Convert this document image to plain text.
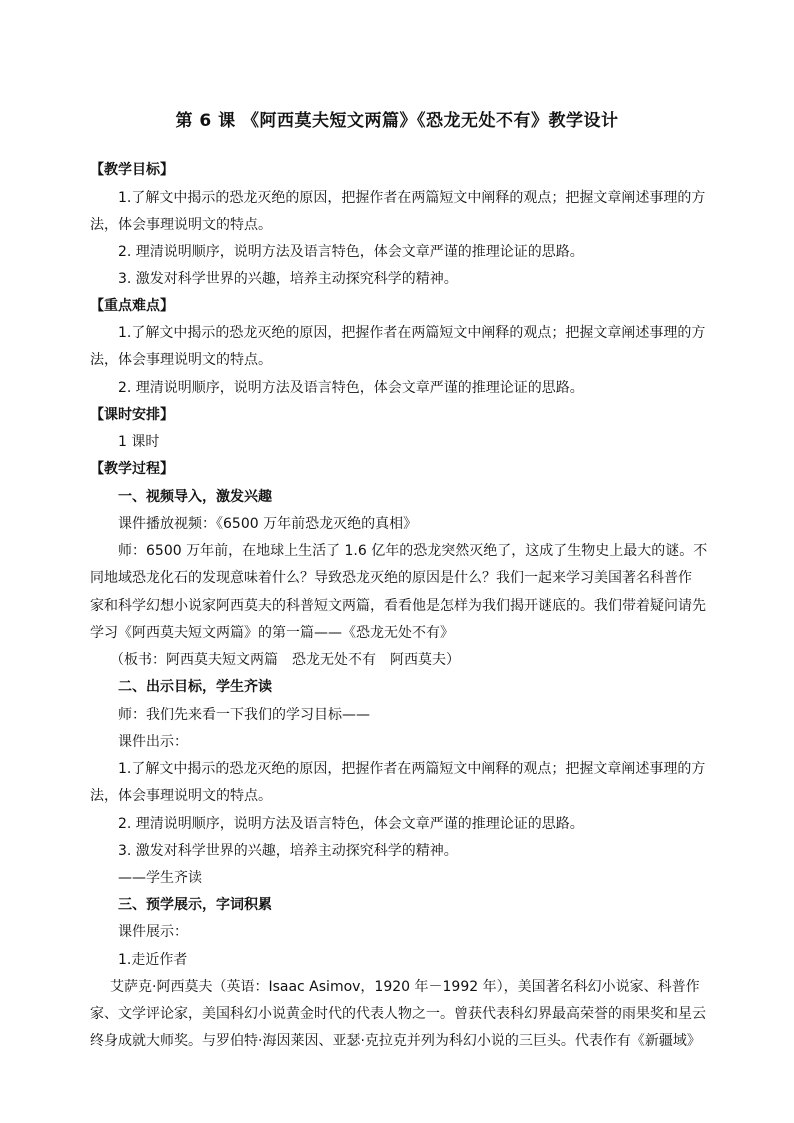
第 6 课 《阿西莫夫短文两篇》《恐龙无处不有》教学设计
【教学目标】
1.了解文中揭示的恐龙灭绝的原因，把握作者在两篇短文中阐释的观点；把握文章阐述事理的方
法，体会事理说明文的特点。
2. 理清说明顺序，说明方法及语言特色，体会文章严谨的推理论证的思路。
3. 激发对科学世界的兴趣，培养主动探究科学的精神。
【重点难点】
1.了解文中揭示的恐龙灭绝的原因，把握作者在两篇短文中阐释的观点；把握文章阐述事理的方
法，体会事理说明文的特点。
2. 理清说明顺序，说明方法及语言特色，体会文章严谨的推理论证的思路。
【课时安排】
1 课时
【教学过程】
一、视频导入，激发兴趣
课件播放视频：《6500 万年前恐龙灭绝的真相》
师：6500 万年前，在地球上生活了 1.6 亿年的恐龙突然灭绝了，这成了生物史上最大的谜。不
同地域恐龙化石的发现意味着什么？导致恐龙灭绝的原因是什么？我们一起来学习美国著名科普作
家和科学幻想小说家阿西莫夫的科普短文两篇，看看他是怎样为我们揭开谜底的。我们带着疑问请先
学习《阿西莫夫短文两篇》的第一篇——《恐龙无处不有》
（板书：阿西莫夫短文两篇　恐龙无处不有　阿西莫夫）
二、出示目标，学生齐读
师：我们先来看一下我们的学习目标——
课件出示：
1.了解文中揭示的恐龙灭绝的原因，把握作者在两篇短文中阐释的观点；把握文章阐述事理的方
法，体会事理说明文的特点。
2. 理清说明顺序，说明方法及语言特色，体会文章严谨的推理论证的思路。
3. 激发对科学世界的兴趣，培养主动探究科学的精神。
——学生齐读
三、预学展示，字词积累
课件展示：
1.走近作者
艾萨克·阿西莫夫（英语：Isaac Asimov，1920 年－1992 年），美国著名科幻小说家、科普作
家、文学评论家，美国科幻小说黄金时代的代表人物之一。曾获代表科幻界最高荣誉的雨果奖和星云
终身成就大师奖。与罗伯特·海因莱因、亚瑟·克拉克并列为科幻小说的三巨头。代表作有《新疆域》
